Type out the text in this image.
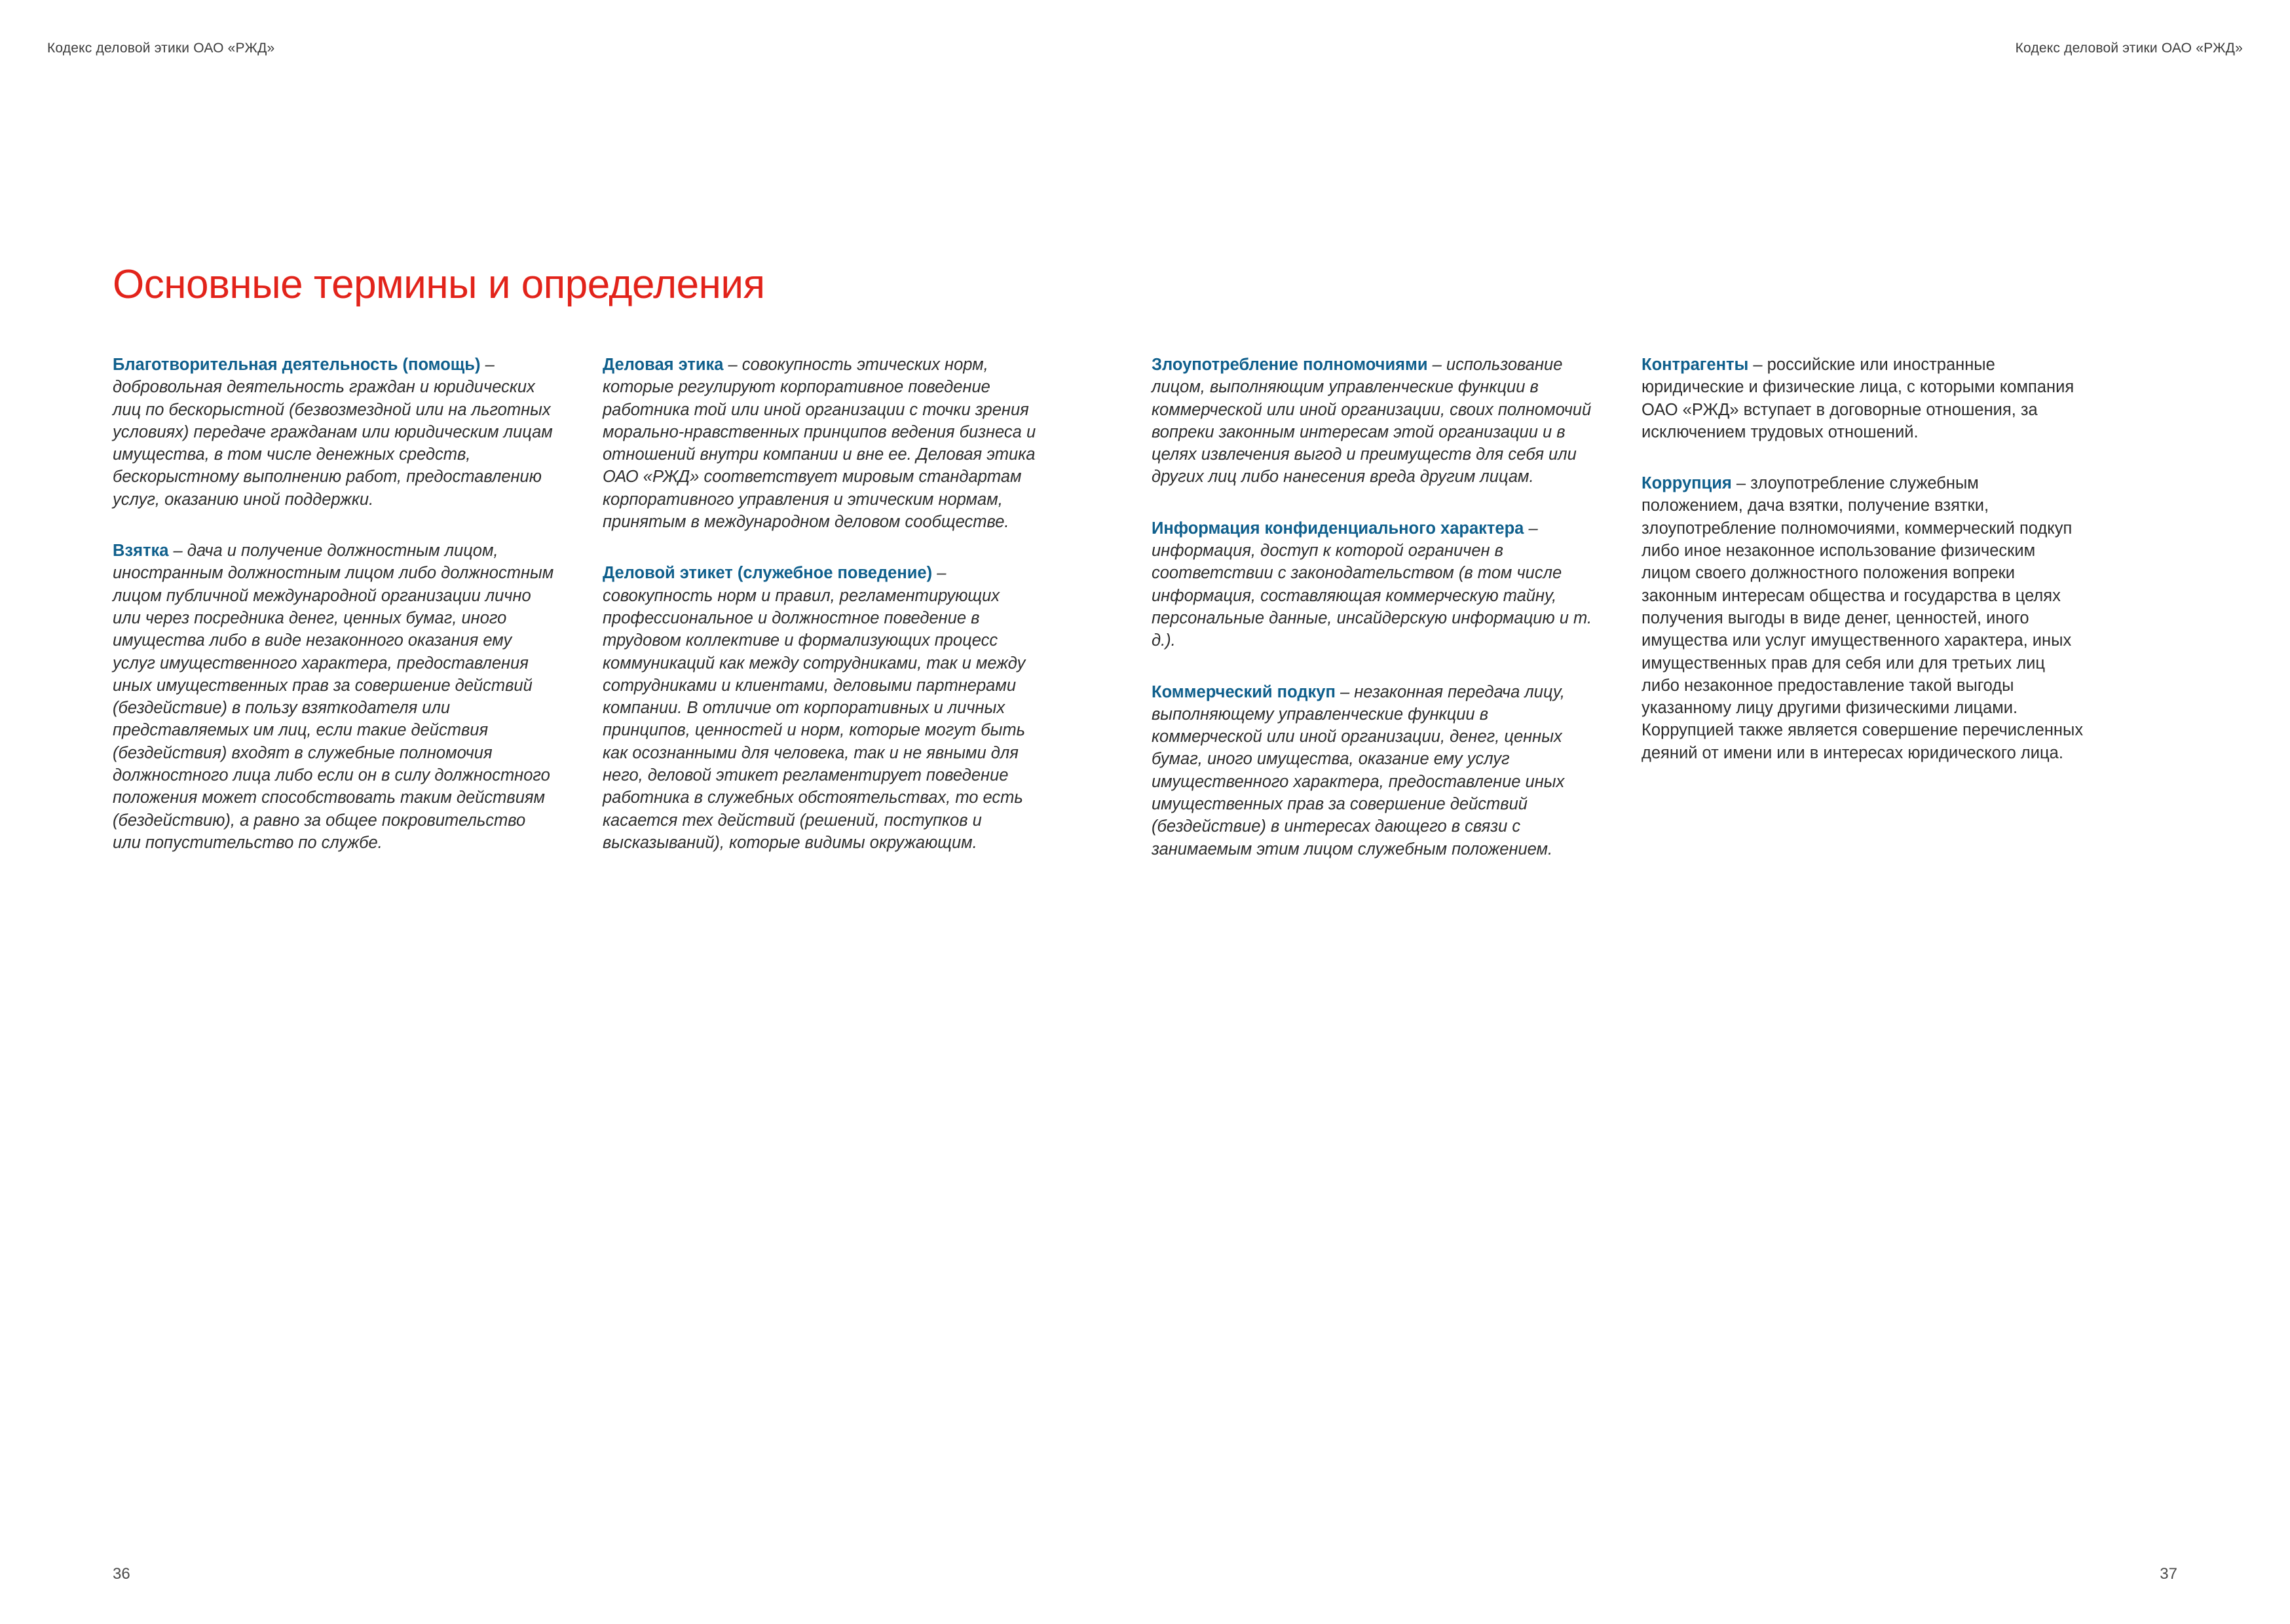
Кодекс деловой этики ОАО «РЖД»	Кодекс деловой этики ОАО «РЖД»
Основные термины и определения

Благотворительная деятельность (помощь) – добровольная деятельность граждан и юридических лиц по бескорыстной (безвозмездной или на льготных условиях) передаче гражданам или юридическим лицам имущества, в том числе денежных средств, бескорыстному выполнению работ, предоставлению услуг, оказанию иной поддержки.

Взятка – дача и получение должностным лицом, иностранным должностным лицом либо должностным лицом публичной международной организации лично или через посредника денег, ценных бумаг, иного имущества либо в виде незаконного оказания ему услуг имущественного характера, предоставления иных имущественных прав за совершение действий (бездействие) в пользу взяткодателя или представляемых им лиц, если такие действия (бездействия) входят в служебные полномочия должностного лица либо если он в силу должностного положения может способствовать таким действиям (бездействию), а равно за общее покровительство или попустительство по службе.

Деловая этика – совокупность этических норм, которые регулируют корпоративное поведение работника той или иной организации с точки зрения морально-нравственных принципов ведения бизнеса и отношений внутри компании и вне ее. Деловая этика ОАО «РЖД» соответствует мировым стандартам корпоративного управления и этическим нормам, принятым в международном деловом сообществе.

Деловой этикет (служебное поведение) – совокупность норм и правил, регламентирующих профессиональное и должностное поведение в трудовом коллективе и формализующих процесс коммуникаций как между сотрудниками, так и между сотрудниками и клиентами, деловыми партнерами компании. В отличие от корпоративных и личных принципов, ценностей и норм, которые могут быть как осознанными для человека, так и не явными для него, деловой этикет регламентирует поведение работника в служебных обстоятельствах, то есть касается тех действий (решений, поступков и высказываний), которые видимы окружающим.

Злоупотребление полномочиями – использование лицом, выполняющим управленческие функции в коммерческой или иной организации, своих полномочий вопреки законным интересам этой организации и в целях извлечения выгод и преимуществ для себя или других лиц либо нанесения вреда другим лицам.

Информация конфиденциального характера – информация, доступ к которой ограничен в соответствии с законодательством (в том числе информация, составляющая коммерческую тайну, персональные данные, инсайдерскую информацию и т. д.).

Коммерческий подкуп – незаконная передача лицу, выполняющему управленческие функции в коммерческой или иной организации, денег, ценных бумаг, иного имущества, оказание ему услуг имущественного характера, предоставление иных имущественных прав за совершение действий (бездействие) в интересах дающего в связи с занимаемым этим лицом служебным положением.

Контрагенты – российские или иностранные юридические и физические лица, с которыми компания ОАО «РЖД» вступает в договорные отношения, за исключением трудовых отношений.

Коррупция – злоупотребление служебным положением, дача взятки, получение взятки, злоупотребление полномочиями, коммерческий подкуп либо иное незаконное использование физическим лицом своего должностного положения вопреки законным интересам общества и государства в целях получения выгоды в виде денег, ценностей, иного имущества или услуг имущественного характера, иных имущественных прав для себя или для третьих лиц либо незаконное предоставление такой выгоды указанному лицу другими физическими лицами. Коррупцией также является совершение перечисленных деяний от имени или в интересах юридического лица.

36	37
